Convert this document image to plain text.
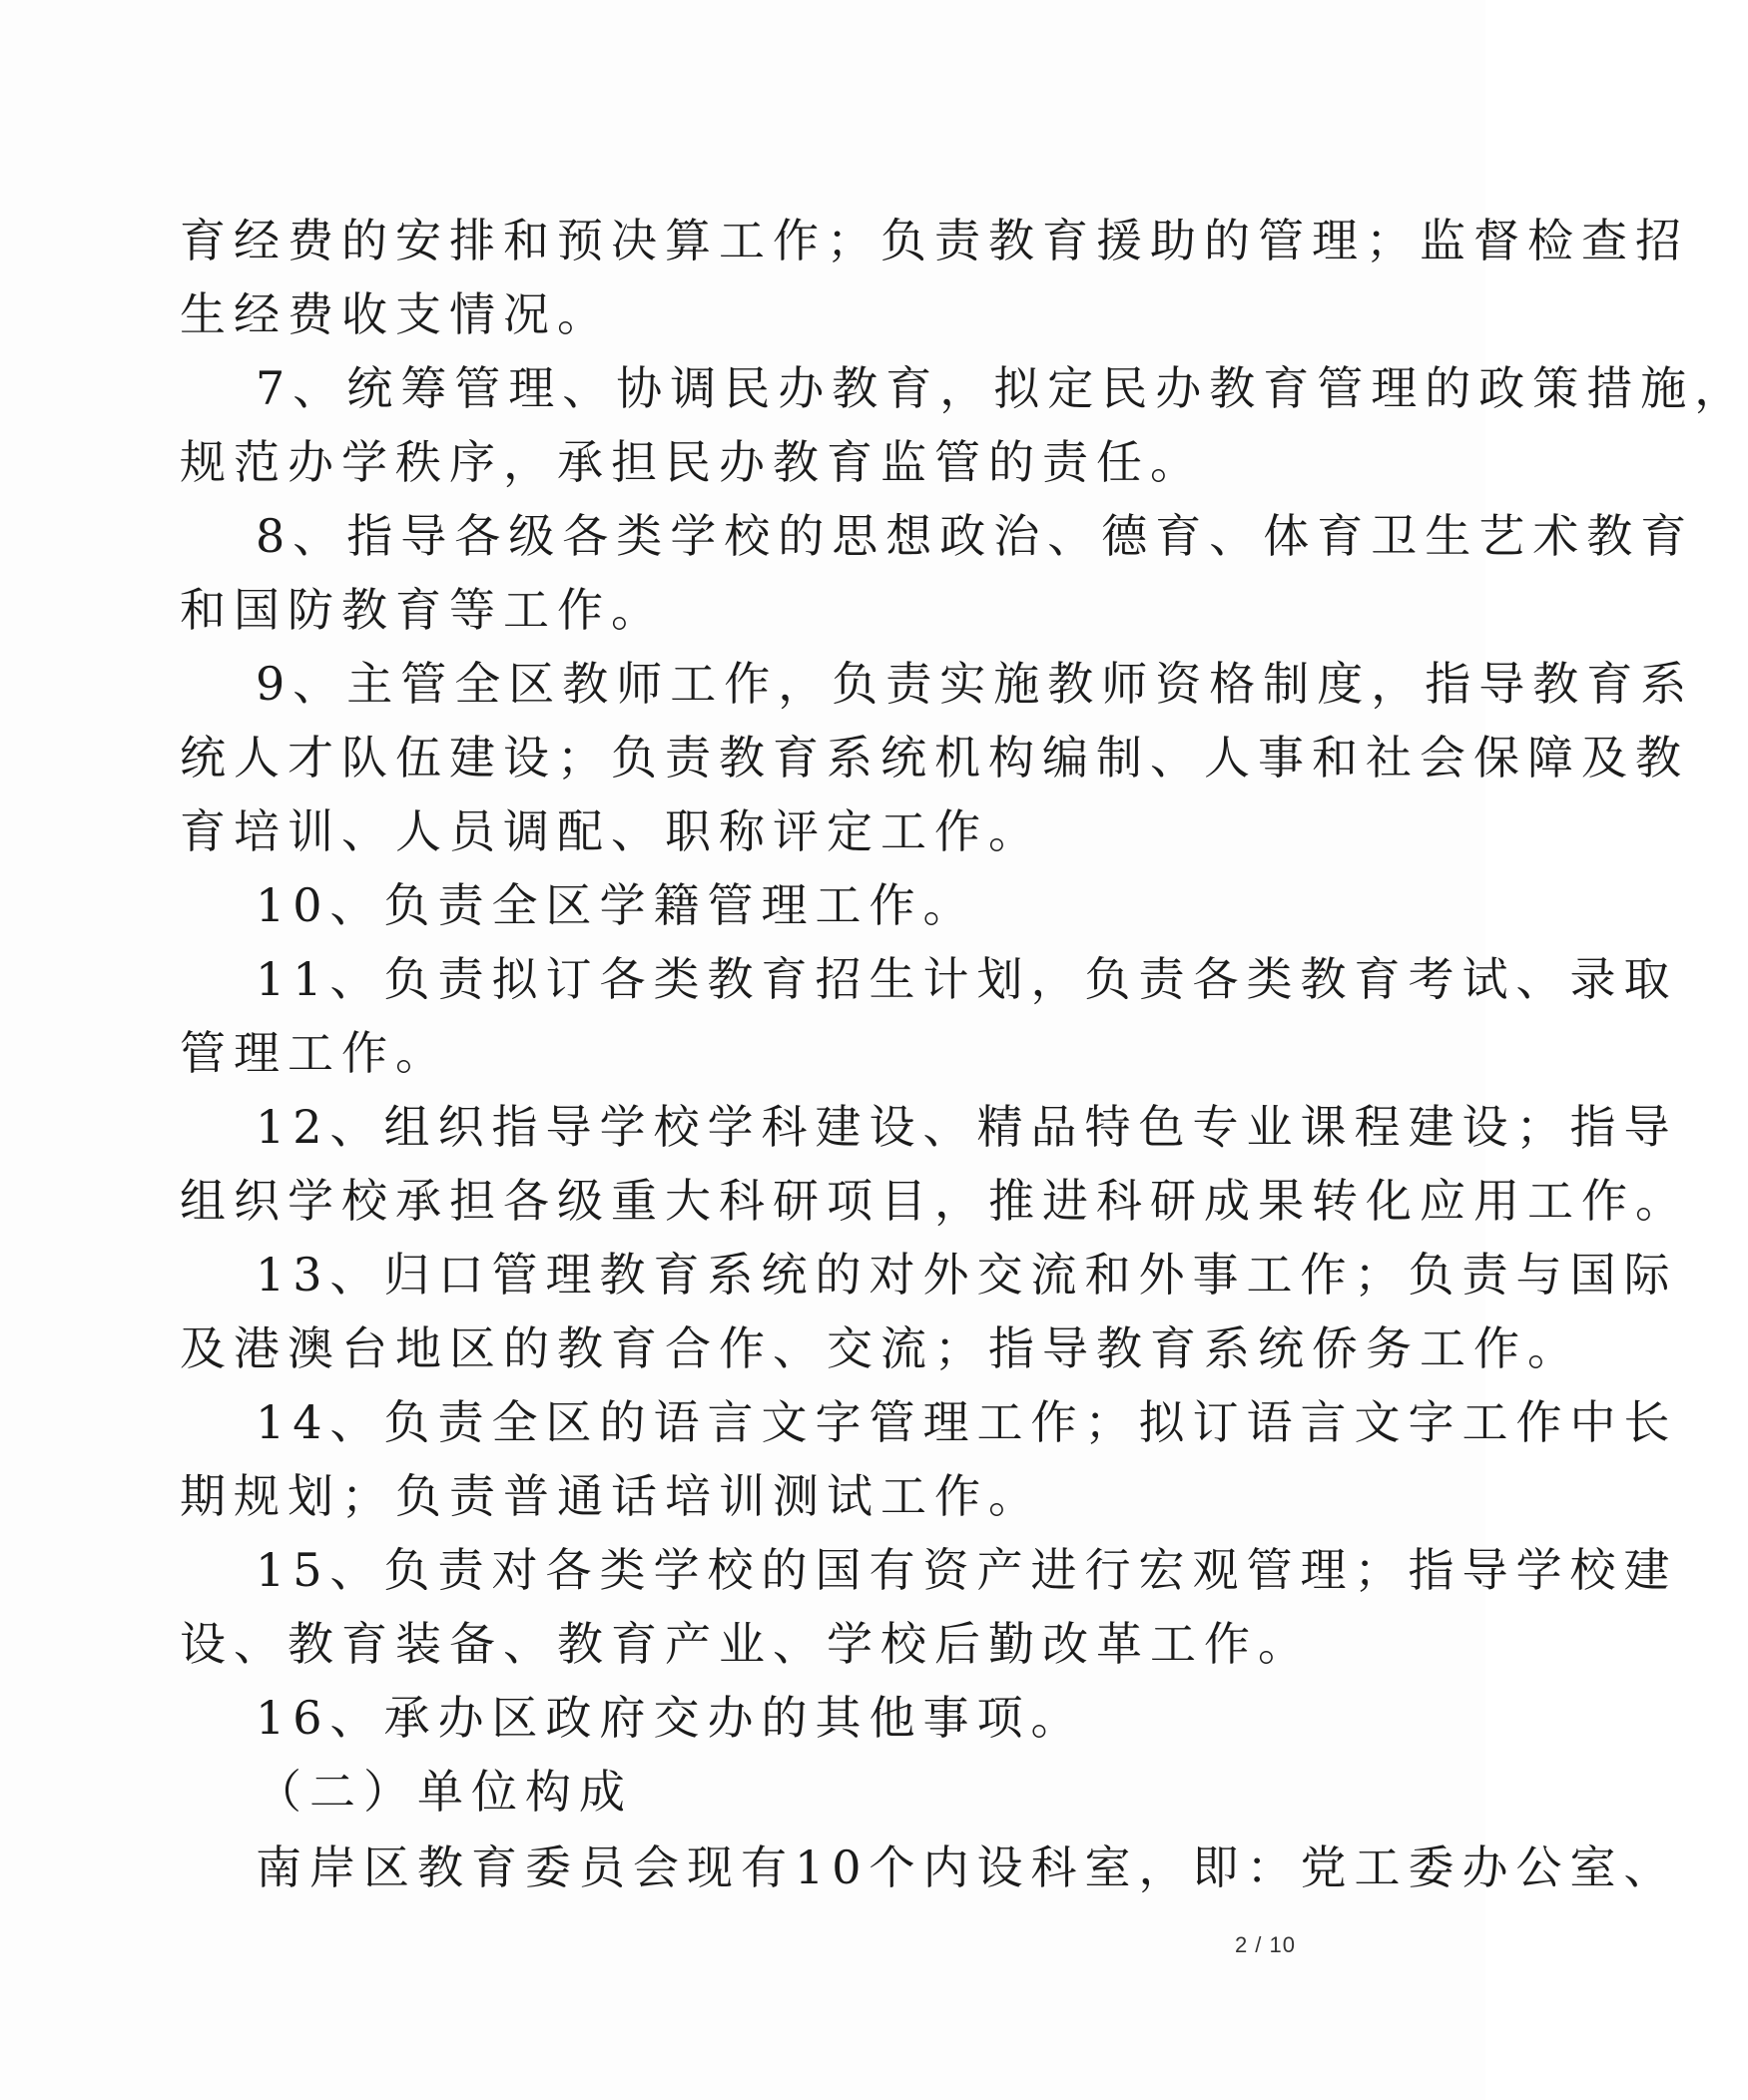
育经费的安排和预决算工作；负责教育援助的管理；监督检查招
生经费收支情况。
7、统筹管理、协调民办教育，拟定民办教育管理的政策措施，
规范办学秩序，承担民办教育监管的责任。
8、指导各级各类学校的思想政治、德育、体育卫生艺术教育
和国防教育等工作。
9、主管全区教师工作，负责实施教师资格制度，指导教育系
统人才队伍建设；负责教育系统机构编制、人事和社会保障及教
育培训、人员调配、职称评定工作。
10、负责全区学籍管理工作。
11、负责拟订各类教育招生计划，负责各类教育考试、录取
管理工作。
12、组织指导学校学科建设、精品特色专业课程建设；指导
组织学校承担各级重大科研项目，推进科研成果转化应用工作。
13、归口管理教育系统的对外交流和外事工作；负责与国际
及港澳台地区的教育合作、交流；指导教育系统侨务工作。
14、负责全区的语言文字管理工作；拟订语言文字工作中长
期规划；负责普通话培训测试工作。
15、负责对各类学校的国有资产进行宏观管理；指导学校建
设、教育装备、教育产业、学校后勤改革工作。
16、承办区政府交办的其他事项。
（二）单位构成
南岸区教育委员会现有10个内设科室，即：党工委办公室、
2 / 10
